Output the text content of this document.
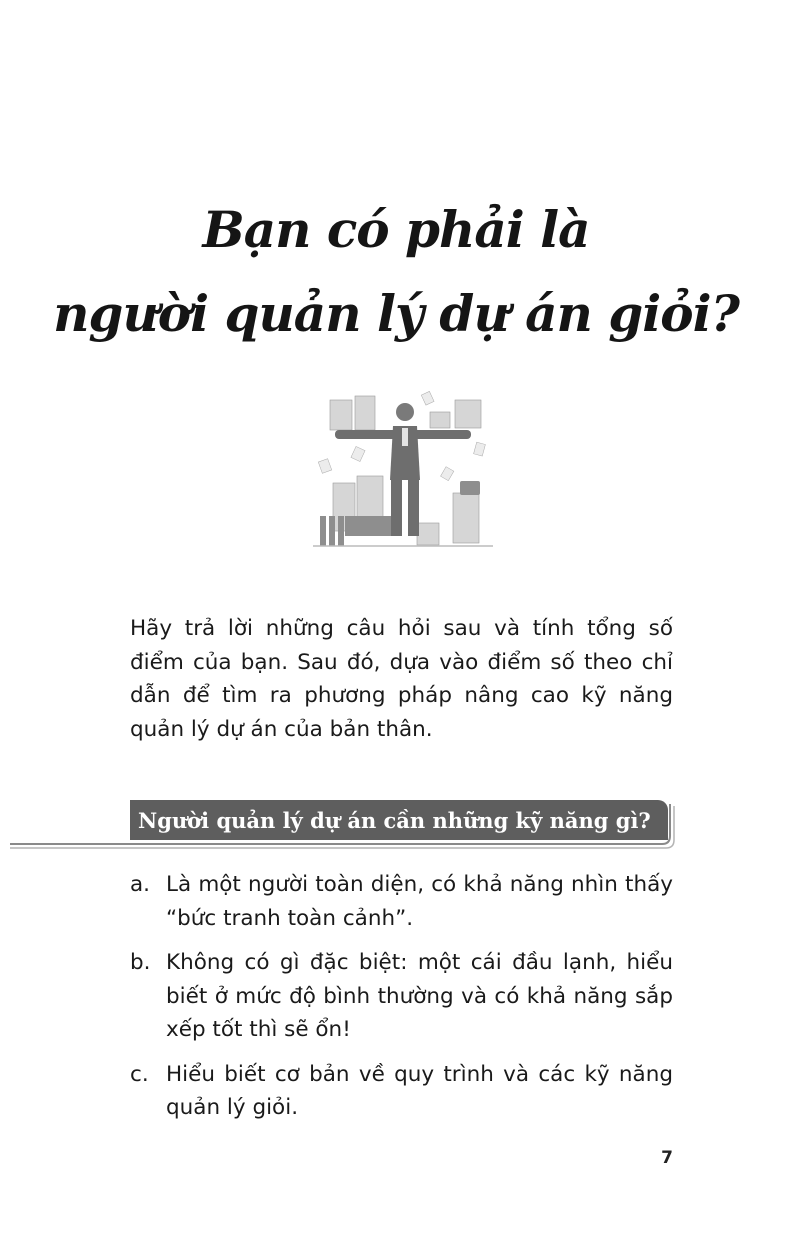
Bạn có phải là
người quản lý dự án giỏi?

Hãy trả lời những câu hỏi sau và tính tổng số điểm của bạn. Sau đó, dựa vào điểm số theo chỉ dẫn để tìm ra phương pháp nâng cao kỹ năng quản lý dự án của bản thân.

Người quản lý dự án cần những kỹ năng gì?
a. Là một người toàn diện, có khả năng nhìn thấy “bức tranh toàn cảnh”.
b. Không có gì đặc biệt: một cái đầu lạnh, hiểu biết ở mức độ bình thường và có khả năng sắp xếp tốt thì sẽ ổn!
c. Hiểu biết cơ bản về quy trình và các kỹ năng quản lý giỏi.
7
